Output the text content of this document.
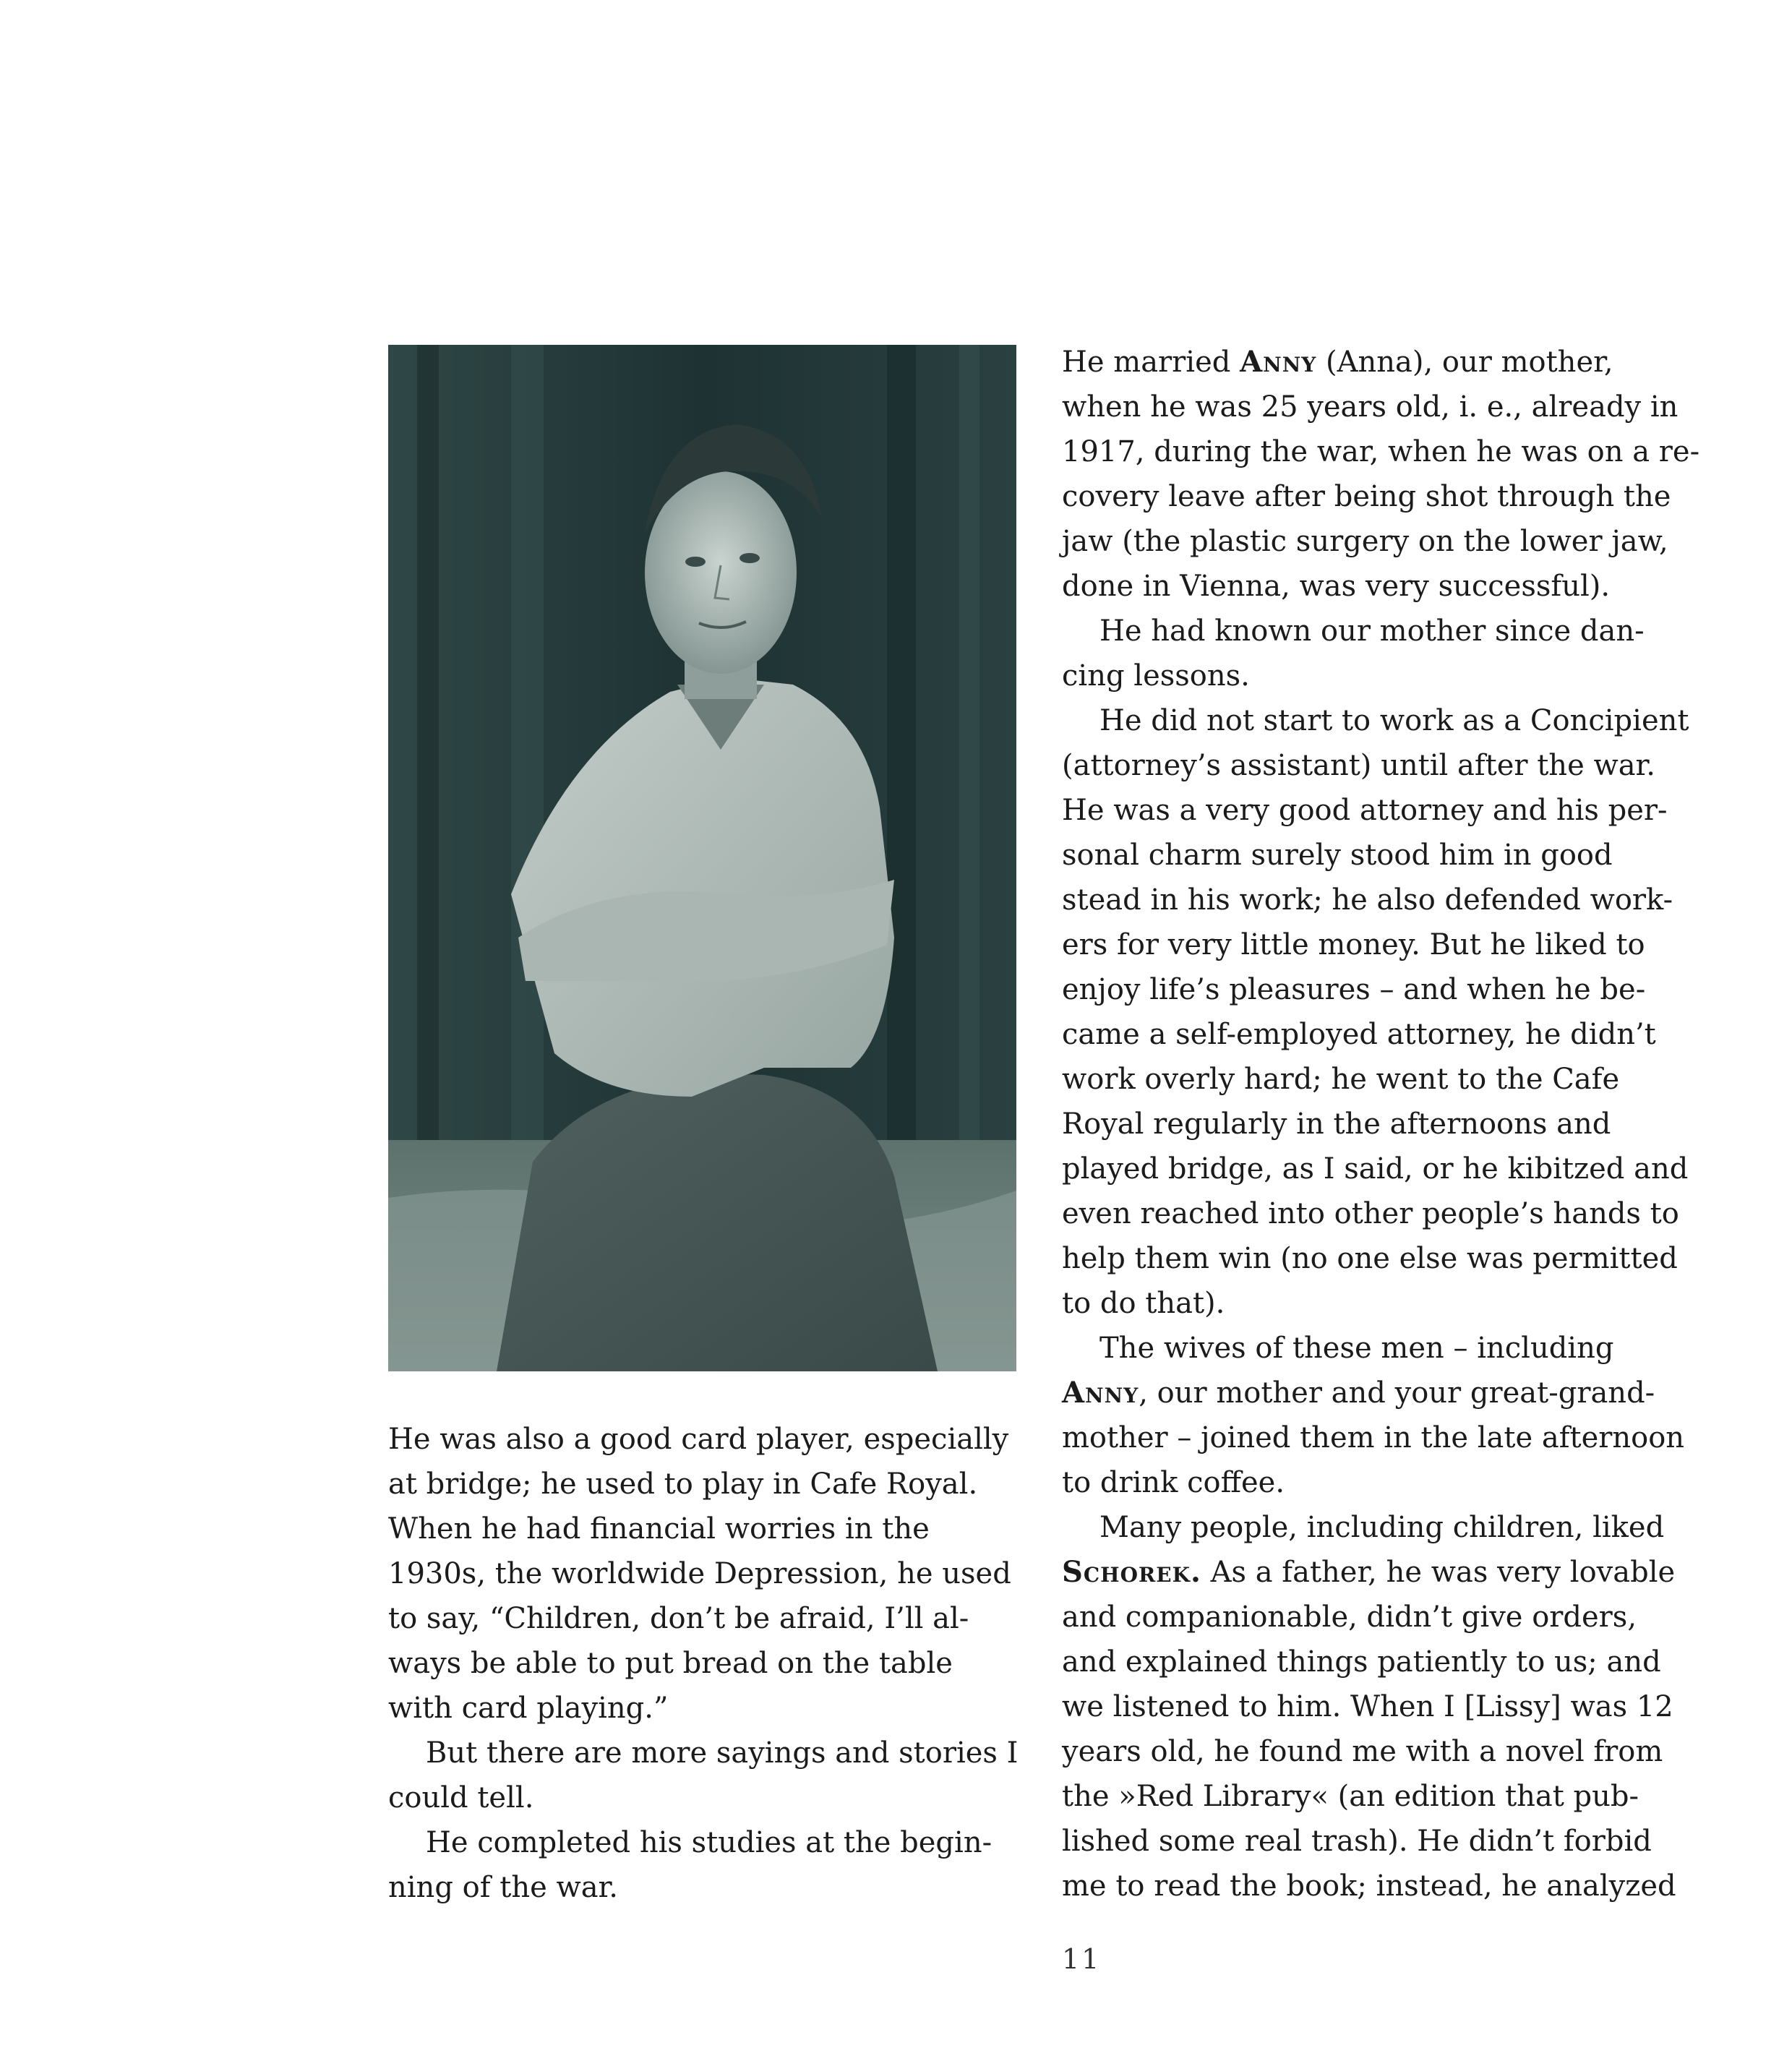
He was also a good card player, especially

at bridge; he used to play in Cafe Royal.

When he had financial worries in the

1930s, the worldwide Depression, he used

to say, “Children, don’t be afraid, I’ll al-

ways be able to put bread on the table

with card playing.”

But there are more sayings and stories I

could tell.

He completed his studies at the begin-

ning of the war.

He married Anny (Anna), our mother,

when he was 25 years old, i. e., already in

1917, during the war, when he was on a re-

covery leave after being shot through the

jaw (the plastic surgery on the lower jaw,

done in Vienna, was very successful).

He had known our mother since dan-

cing lessons.

He did not start to work as a Concipient

(attorney’s assistant) until after the war.

He was a very good attorney and his per-

sonal charm surely stood him in good

stead in his work; he also defended work-

ers for very little money. But he liked to

enjoy life’s pleasures – and when he be-

came a self-employed attorney, he didn’t

work overly hard; he went to the Cafe

Royal regularly in the afternoons and

played bridge, as I said, or he kibitzed and

even reached into other people’s hands to

help them win (no one else was permitted

to do that).

The wives of these men – including

Anny, our mother and your great-grand-

mother – joined them in the late afternoon

to drink coffee.

Many people, including children, liked

Schorek. As a father, he was very lovable

and companionable, didn’t give orders,

and explained things patiently to us; and

we listened to him. When I [Lissy] was 12

years old, he found me with a novel from

the »Red Library« (an edition that pub-

lished some real trash). He didn’t forbid

me to read the book; instead, he analyzed

11
